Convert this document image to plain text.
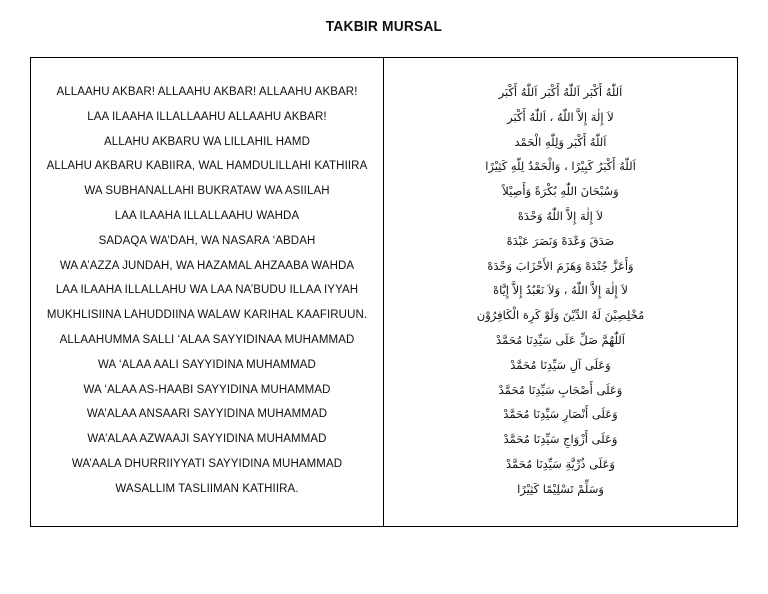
TAKBIR MURSAL
ALLAAHU AKBAR! ALLAAHU AKBAR! ALLAAHU AKBAR!
LAA ILAAHA ILLALLAAHU ALLAAHU AKBAR!
ALLAHU AKBARU WA LILLAHIL HAMD
ALLAHU AKBARU KABIIRA, WAL HAMDULILLAHI KATHIIRA
WA SUBHANALLAHI BUKRATAW WA ASIILAH
LAA ILAAHA ILLALLAAHU WAHDA
SADAQA WA’DAH, WA NASARA ‘ABDAH
WA A’AZZA JUNDAH, WA HAZAMAL AHZAABA WAHDA
LAA ILAAHA ILLALLAHU WA LAA NA’BUDU ILLAA IYYAH
MUKHLISIINA LAHUDDIINA WALAW KARIHAL KAAFIRUUN.
ALLAAHUMMA SALLI ‘ALAA SAYYIDINAA MUHAMMAD
WA ‘ALAA AALI SAYYIDINA MUHAMMAD
WA ‘ALAA AS-HAABI SAYYIDINA MUHAMMAD
WA’ALAA ANSAARI SAYYIDINA MUHAMMAD
WA’ALAA AZWAAJI SAYYIDINA MUHAMMAD
WA’AALA DHURRIIYYATI SAYYIDINA MUHAMMAD
WASALLIM TASLIIMAN KATHIIRA.
اَللّٰهُ أَكْبَر اَللّٰهُ أَكْبَر اَللّٰهُ أَكْبَر
لاَ إِلٰهَ إِلاَّ اللّٰهُ ، اَللّٰهُ أَكْبَر
اَللّٰهُ أَكْبَر وَلِلّٰهِ الْحَمْد
اَللّٰهُ أَكْبَرُ كَبِيْرًا ، وَالْحَمْدُ لِلّٰهِ كَثِيْرًا
وَسُبْحَانَ اللّٰهِ بُكْرَةً وَأَصِيْلاً
لاَ إِلٰهَ إِلاَّ اللّٰهُ وَحْدَهْ
صَدَقَ وَعْدَهْ وَنَصَرَ عَبْدَهْ
وَأَعَزَّ جُنْدَهْ وَهَزَمَ الأَحْزَابَ وَحْدَهْ
لاَ إِلٰهَ إِلاَّ اللّٰهُ ، وَلاَ نَعْبُدُ إِلاَّ إِيَّاهْ
مُخْلِصِيْنَ لَهُ الدِّيْنَ وَلَوْ كَرِهَ الْكَافِرُوْن
اَللّٰهُمَّ صَلِّ عَلَى سَيِّدِنَا مُحَمَّدْ
وَعَلَى آلِ سَيِّدِنَا مُحَمَّدْ
وَعَلَى أَصْحَابِ سَيِّدِنَا مُحَمَّدْ
وَعَلَى أَنْصَارِ سَيِّدِنَا مُحَمَّدْ
وَعَلَى أَزْوَاجِ سَيِّدِنَا مُحَمَّدْ
وَعَلَى ذُرِّيَّةِ سَيِّدِنَا مُحَمَّدْ
وَسَلِّمْ تَسْلِيْمًا كَثِيْرًا
